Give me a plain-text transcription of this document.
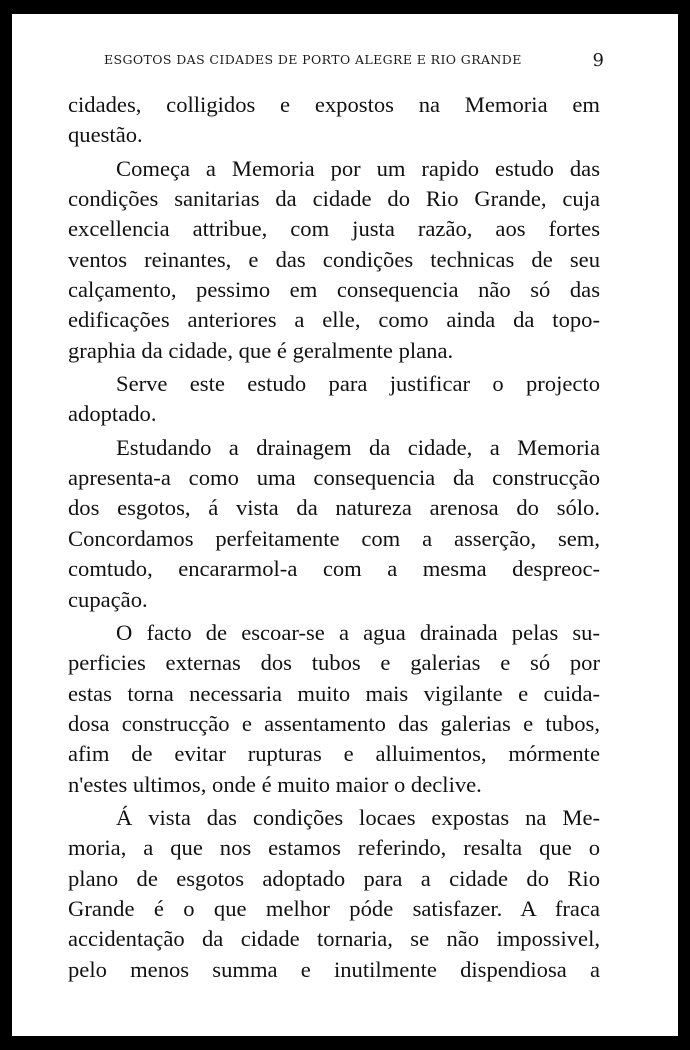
ESGOTOS DAS CIDADES DE PORTO ALEGRE E RIO GRANDE	9
cidades, colligidos e expostos na Memoria em
questão.
Começa a Memoria por um rapido estudo das
condições sanitarias da cidade do Rio Grande, cuja
excellencia attribue, com justa razão, aos fortes
ventos reinantes, e das condições technicas de seu
calçamento, pessimo em consequencia não só das
edificações anteriores a elle, como ainda da topo-
graphia da cidade, que é geralmente plana.
Serve este estudo para justificar o projecto
adoptado.
Estudando a drainagem da cidade, a Memoria
apresenta-a como uma consequencia da construcção
dos esgotos, á vista da natureza arenosa do sólo.
Concordamos perfeitamente com a asserção, sem,
comtudo, encararmol-a com a mesma despreoc-
cupação.
O facto de escoar-se a agua drainada pelas su-
perficies externas dos tubos e galerias e só por
estas torna necessaria muito mais vigilante e cuida-
dosa construcção e assentamento das galerias e tubos,
afim de evitar rupturas e alluimentos, mórmente
n'estes ultimos, onde é muito maior o declive.
Á vista das condições locaes expostas na Me-
moria, a que nos estamos referindo, resalta que o
plano de esgotos adoptado para a cidade do Rio
Grande é o que melhor póde satisfazer. A fraca
accidentação da cidade tornaria, se não impossivel,
pelo menos summa e inutilmente dispendiosa a
